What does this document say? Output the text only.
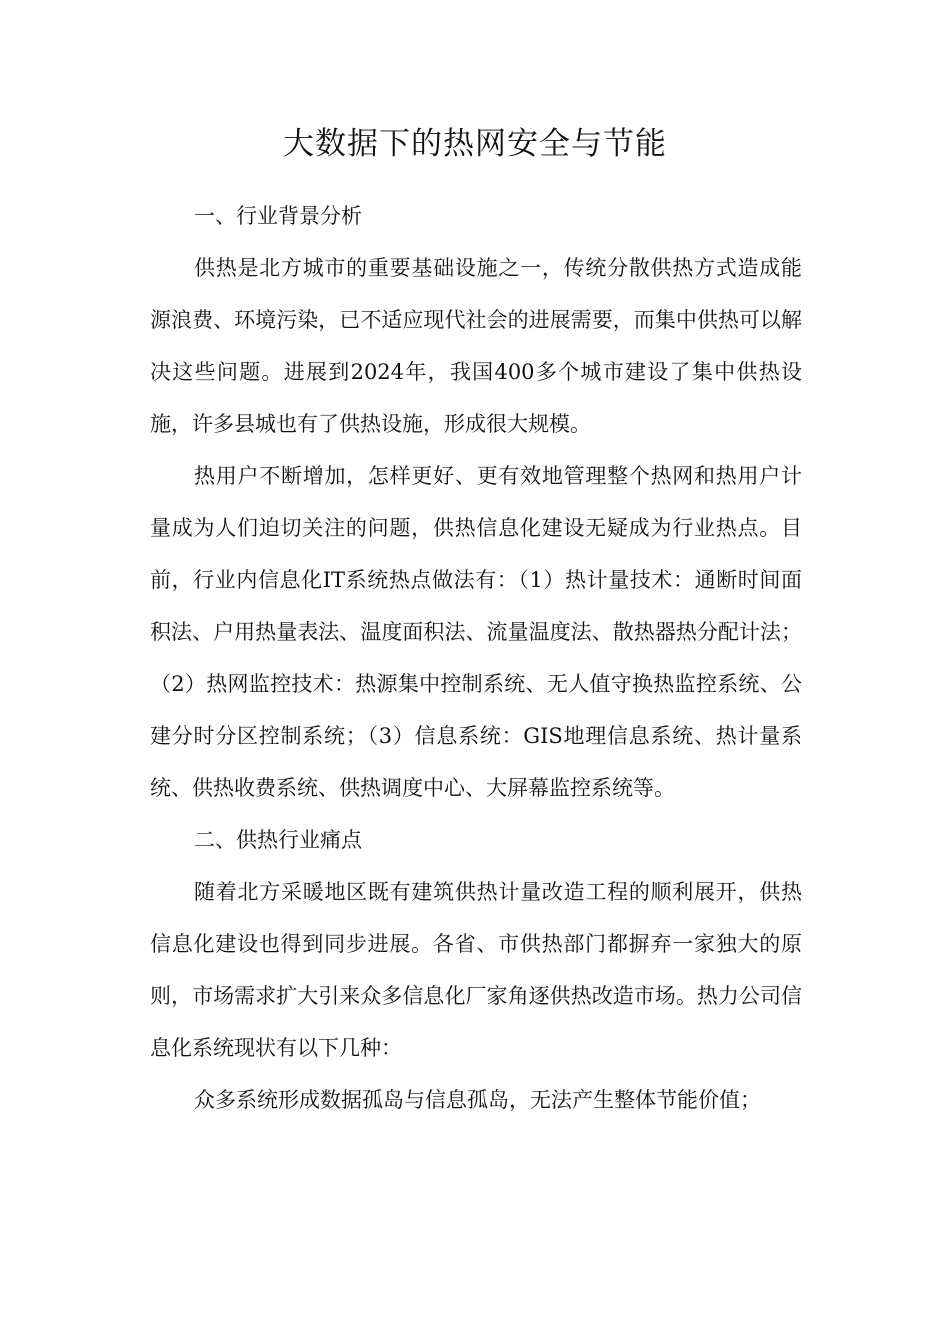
大数据下的热网安全与节能

一、行业背景分析

供热是北方城市的重要基础设施之一，传统分散供热方式造成能源浪费、环境污染，已不适应现代社会的进展需要，而集中供热可以解决这些问题。进展到2024年，我国400多个城市建设了集中供热设施，许多县城也有了供热设施，形成很大规模。

热用户不断增加，怎样更好、更有效地管理整个热网和热用户计量成为人们迫切关注的问题，供热信息化建设无疑成为行业热点。目前，行业内信息化IT系统热点做法有：（1）热计量技术：通断时间面积法、户用热量表法、温度面积法、流量温度法、散热器热分配计法；（2）热网监控技术：热源集中控制系统、无人值守换热监控系统、公建分时分区控制系统；（3）信息系统：GIS地理信息系统、热计量系统、供热收费系统、供热调度中心、大屏幕监控系统等。

二、供热行业痛点

随着北方采暖地区既有建筑供热计量改造工程的顺利展开，供热信息化建设也得到同步进展。各省、市供热部门都摒弃一家独大的原则，市场需求扩大引来众多信息化厂家角逐供热改造市场。热力公司信息化系统现状有以下几种：

众多系统形成数据孤岛与信息孤岛，无法产生整体节能价值；
